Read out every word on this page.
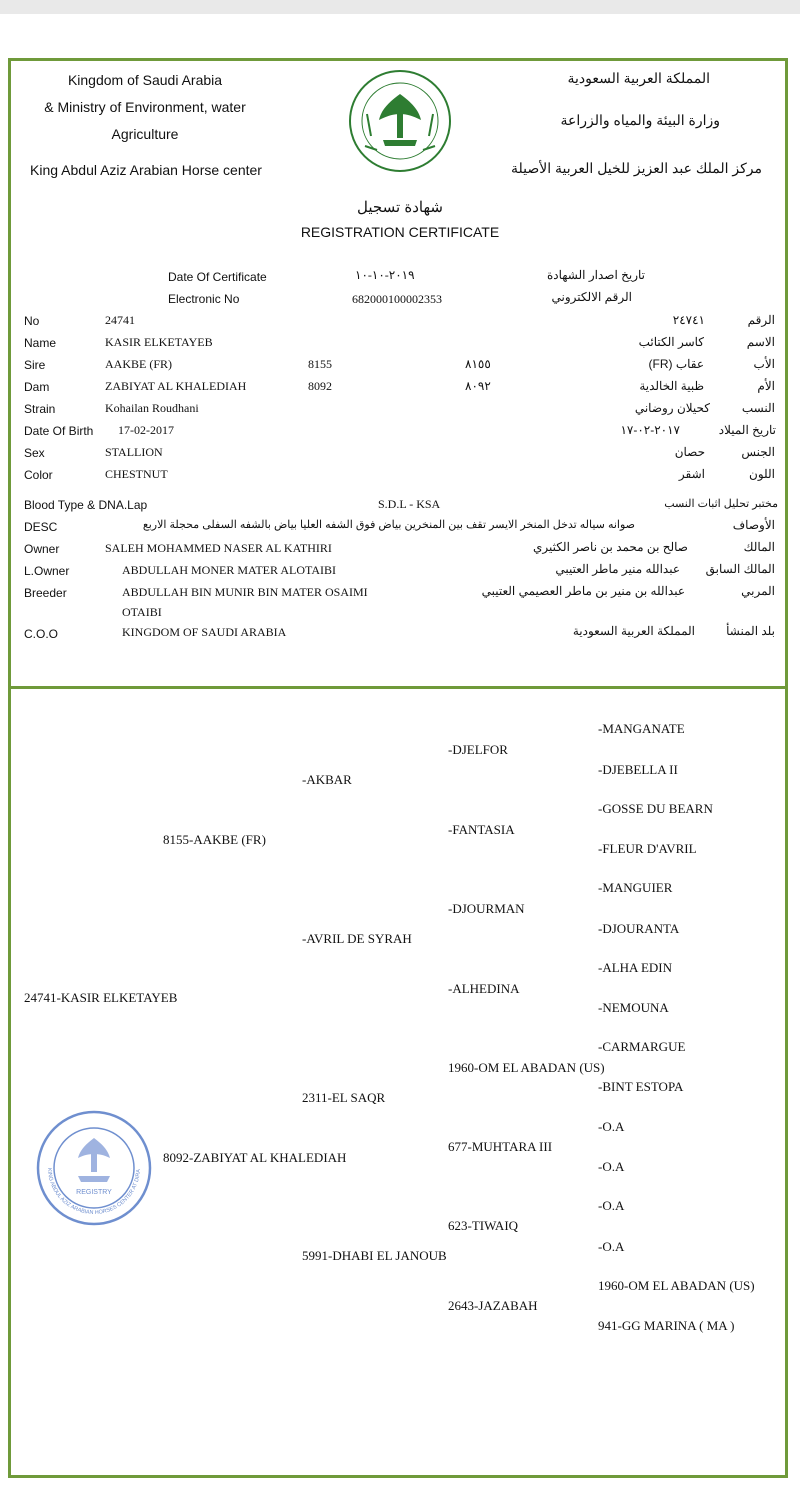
Kingdom of Saudi Arabia
& Ministry of Environment, water
Agriculture
King Abdul Aziz Arabian Horse center
المملكة العربية السعودية
وزارة البيئة والمياه والزراعة
مركز الملك عبد العزيز للخيل العربية الأصيلة
شهادة تسجيل
REGISTRATION CERTIFICATE
Date Of Certificate	٢٠١٩-١٠-١٠	تاريخ اصدار الشهادة
Electronic No	682000100002353	الرقم الالكتروني
No	24741	٢٤٧٤١	الرقم
Name	KASIR ELKETAYEB	كاسر الكتائب	الاسم
Sire	AAKBE (FR)	8155	٨١٥٥	عقاب (FR)	الأب
Dam	ZABIYAT AL KHALEDIAH	8092	٨٠٩٢	ظبية الخالدية	الأم
Strain	Kohailan Roudhani	كحيلان روضاني	النسب
Date Of Birth 17-02-2017	٢٠١٧-٠٢-١٧	تاريخ الميلاد
Sex	STALLION	حصان	الجنس
Color	CHESTNUT	اشقر	اللون
Blood Type & DNA.Lap	S.D.L - KSA	مختبر تحليل اثبات النسب
DESC	صوانه سياله تدخل المنخر الايسر تقف بين المنخرين بياض فوق الشفه العليا بياض بالشفه السفلى محجلة الاربع	الأوصاف
Owner	SALEH MOHAMMED NASER AL KATHIRI	صالح بن محمد بن ناصر الكثيري	المالك
L.Owner	ABDULLAH MONER MATER ALOTAIBI	عبدالله منير ماطر العتيبي	المالك السابق
Breeder	ABDULLAH BIN MUNIR BIN MATER OSAIMI
OTAIBI
عبدالله بن منير بن ماطر العصيمي العتيبي	المربي
C.O.O	KINGDOM OF SAUDI ARABIA	المملكة العربية السعودية	بلد المنشأ
24741-KASIR ELKETAYEB
8155-AAKBE (FR)
8092-ZABIYAT AL KHALEDIAH
-AKBAR
-AVRIL DE SYRAH
2311-EL SAQR
5991-DHABI EL JANOUB
-DJELFOR
-FANTASIA
-DJOURMAN
-ALHEDINA
1960-OM EL ABADAN (US)
677-MUHTARA III
623-TIWAIQ
2643-JAZABAH
-MANGANATE
-DJEBELLA II
-GOSSE DU BEARN
-FLEUR D'AVRIL
-MANGUIER
-DJOURANTA
-ALHA EDIN
-NEMOUNA
-CARMARGUE
-BINT ESTOPA
-O.A
-O.A
-O.A
-O.A
1960-OM EL ABADAN (US)
941-GG MARINA ( MA )
REGISTRY
KING ABDUL AZIZ ARABIAN HORSES CENTER AT DIRA
